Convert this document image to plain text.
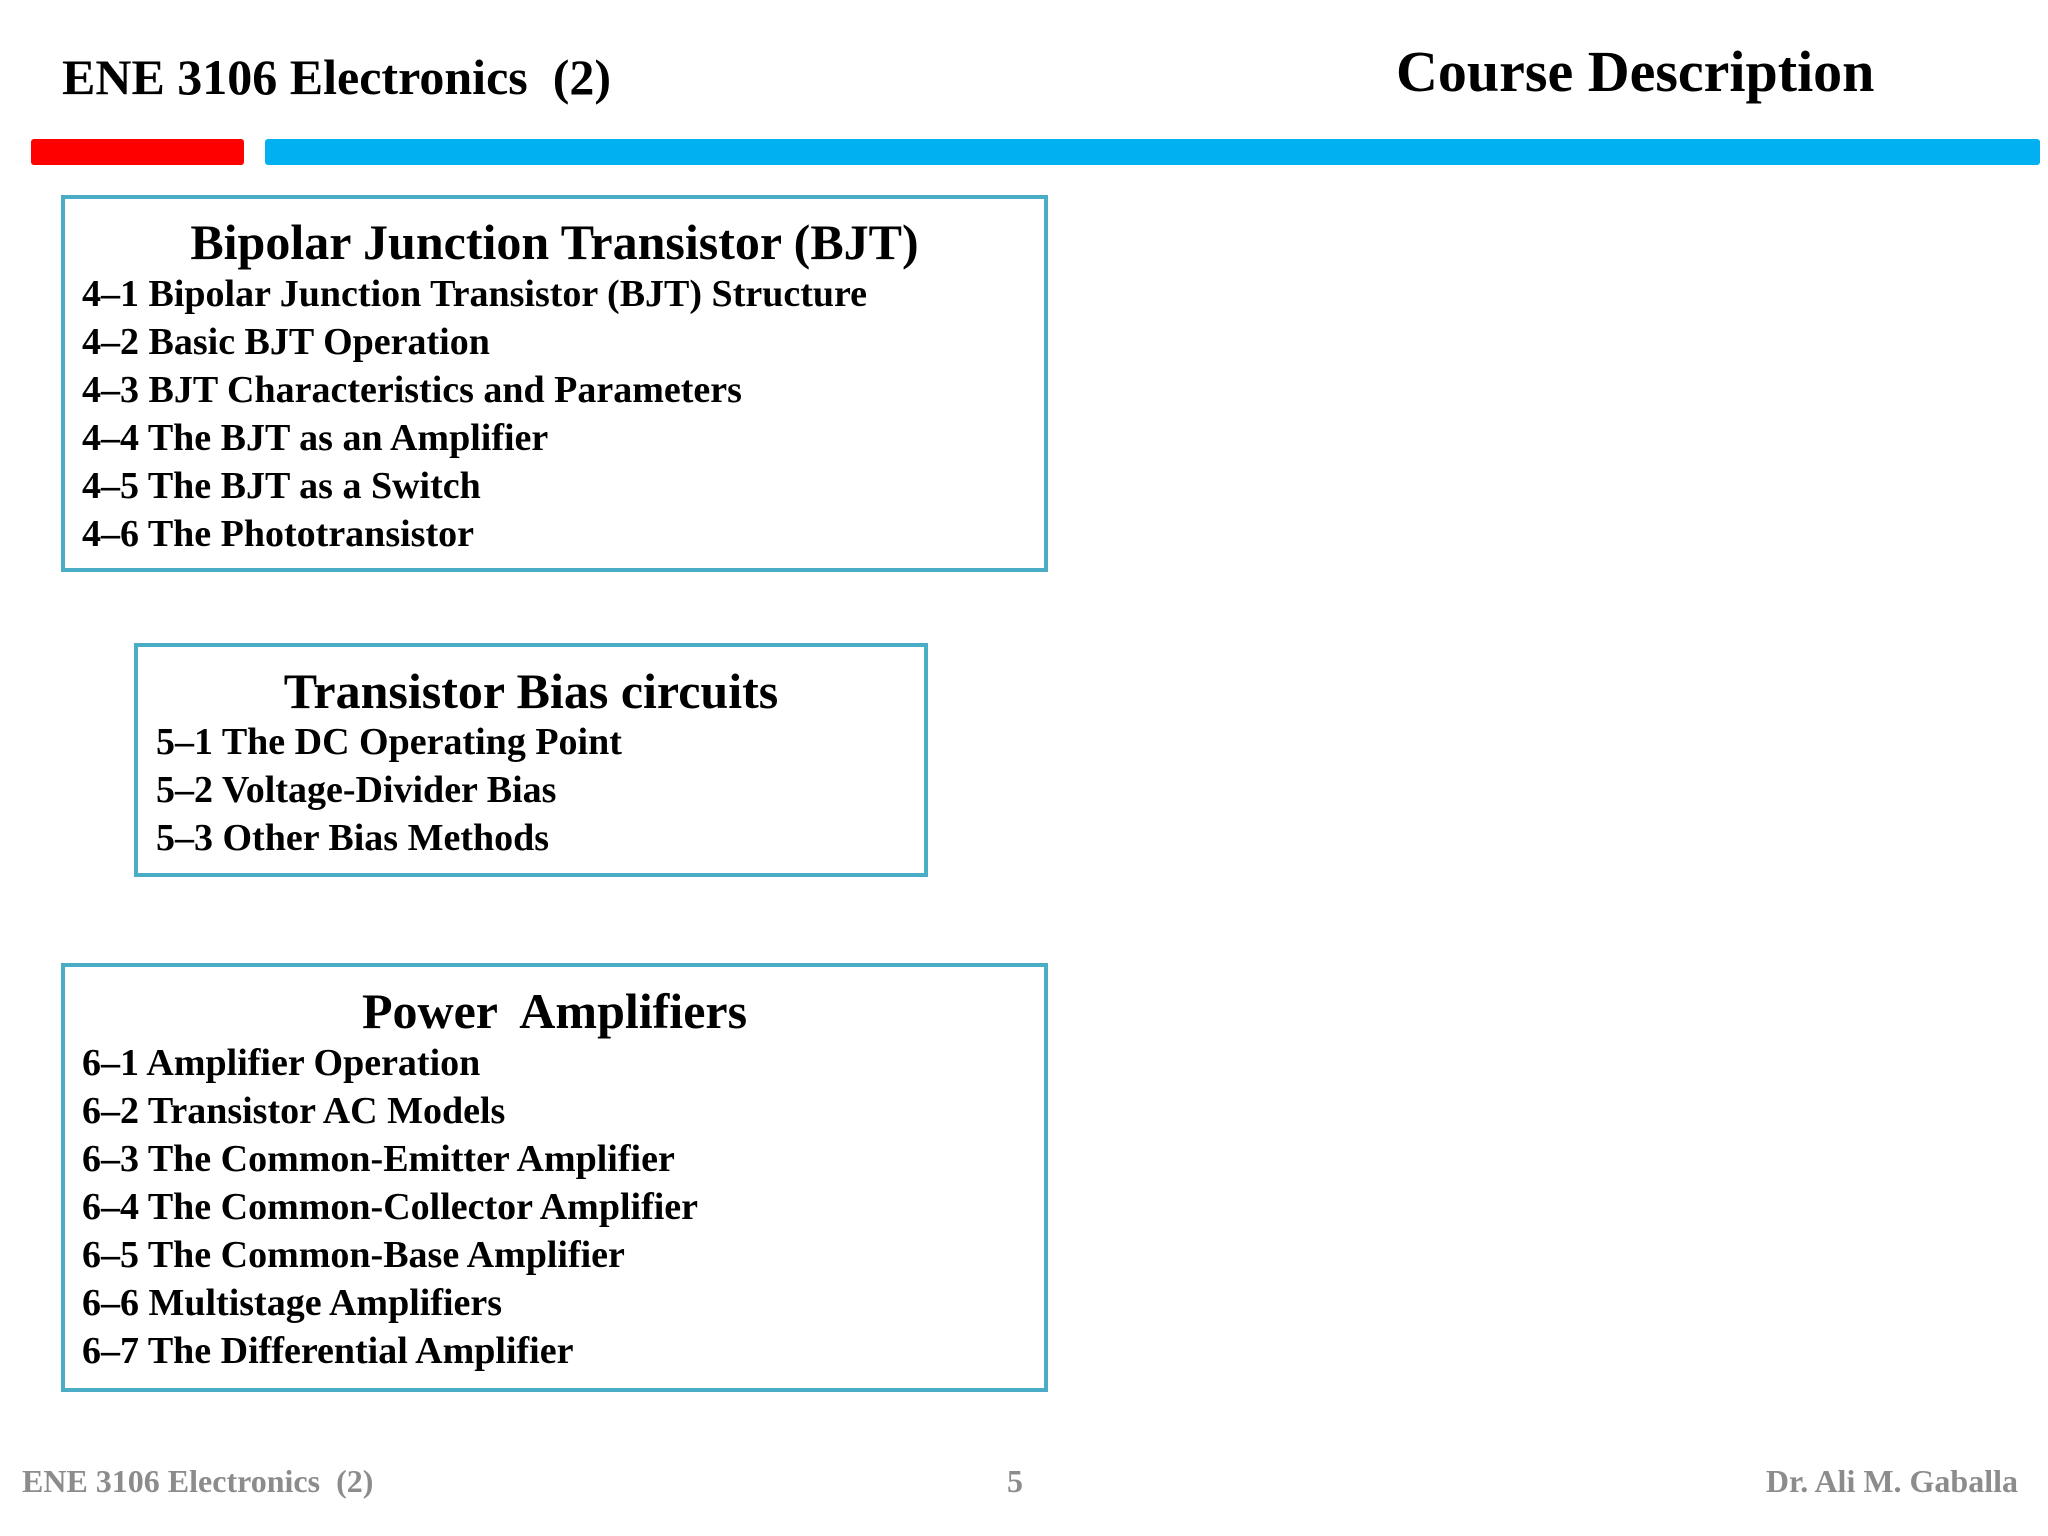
ENE 3106 Electronics  (2)	Course Description
Bipolar Junction Transistor (BJT)
4–1 Bipolar Junction Transistor (BJT) Structure
4–2 Basic BJT Operation
4–3 BJT Characteristics and Parameters
4–4 The BJT as an Amplifier
4–5 The BJT as a Switch
4–6 The Phototransistor
Transistor Bias circuits
5–1 The DC Operating Point
5–2 Voltage-Divider Bias
5–3 Other Bias Methods
Power  Amplifiers
6–1 Amplifier Operation
6–2 Transistor AC Models
6–3 The Common-Emitter Amplifier
6–4 The Common-Collector Amplifier
6–5 The Common-Base Amplifier
6–6 Multistage Amplifiers
6–7 The Differential Amplifier
ENE 3106 Electronics  (2)	5	Dr. Ali M. Gaballa
